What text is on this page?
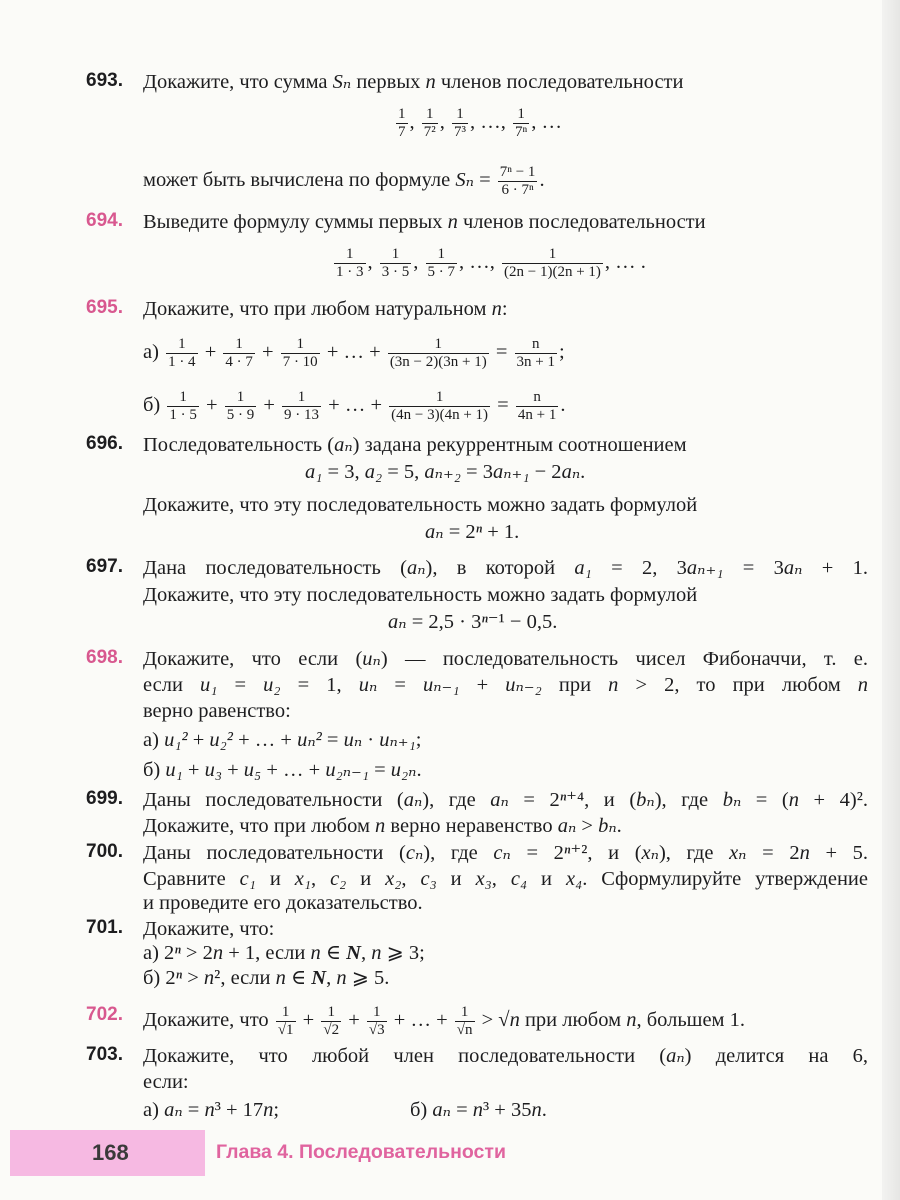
693. Докажите, что сумма Sₙ первых n членов последовательности
$\frac{1}{7}$ , $\frac{1}{\text{7²}}$ , $\frac{1}{\text{7³}}$ , …, $\frac{1}{\text{7ⁿ}}$ , …
может быть вычислена по формуле $S_n = \frac{\text{7ⁿ − 1}}{\text{6 · 7ⁿ}}$ .
694. Выведите формулу суммы первых n членов последовательности
$\frac{1}{1 \cdot 3}$ , $\frac{1}{3 \cdot 5}$ , $\frac{1}{5 \cdot 7}$ , …, $\frac{1}{(2n - 1)(2n + 1)}$ , … .
695. Докажите, что при любом натуральном n:
$а) \frac{1}{1 \cdot 4} + \frac{1}{4 \cdot 7} + \frac{1}{7 \cdot 10}$ + … + $\frac{1}{(3n - 2)(3n + 1)} = \frac{n}{3n + 1}$ ;
$б) \frac{1}{1 \cdot 5} + \frac{1}{5 \cdot 9} + \frac{1}{9 \cdot 13}$ + … + $\frac{1}{(4n - 3)(4n + 1)} = \frac{n}{4n + 1}$ .
696. Последовательность (aₙ) задана рекуррентным соотношением
a₁ = 3, a₂ = 5, aₙ₊₂ = 3aₙ₊₁ − 2aₙ.
Докажите, что эту последовательность можно задать формулой
aₙ = 2ⁿ + 1.
697. Дана последовательность (aₙ), в которой a₁ = 2, 3aₙ₊₁ = 3aₙ + 1.
Докажите, что эту последовательность можно задать формулой
aₙ = 2,5 · 3ⁿ⁻¹ − 0,5.
698. Докажите, что если (uₙ) — последовательность чисел Фибоначчи, т. е.
если u₁ = u₂ = 1, uₙ = uₙ₋₁ + uₙ₋₂ при n > 2, то при любом n
верно равенство:
а) u₁² + u₂² + … + uₙ² = uₙ · uₙ₊₁;
б) u₁ + u₃ + u₅ + … + u₂ₙ₋₁ = u₂ₙ.
699. Даны последовательности (aₙ), где aₙ = 2ⁿ⁺⁴, и (bₙ), где bₙ = (n + 4)².
Докажите, что при любом n верно неравенство aₙ > bₙ.
700. Даны последовательности (cₙ), где cₙ = 2ⁿ⁺², и (xₙ), где xₙ = 2n + 5.
Сравните c₁ и x₁, c₂ и x₂, c₃ и x₃, c₄ и x₄. Сформулируйте утверждение
и проведите его доказательство.
701. Докажите, что:
а) 2ⁿ > 2n + 1, если n ∈ N, n ⩾ 3;
б) 2ⁿ > n², если n ∈ N, n ⩾ 5.
702. Докажите, что $\frac{1}{√1} + \frac{1}{√2} + \frac{1}{√3}$ + … + $\frac{1}{√n} > √n$ при любом n, большем 1.
703. Докажите, что любой член последовательности (aₙ) делится на 6,
если:
а) aₙ = n³ + 17n;	б) aₙ = n³ + 35n.
168	Глава 4. Последовательности
